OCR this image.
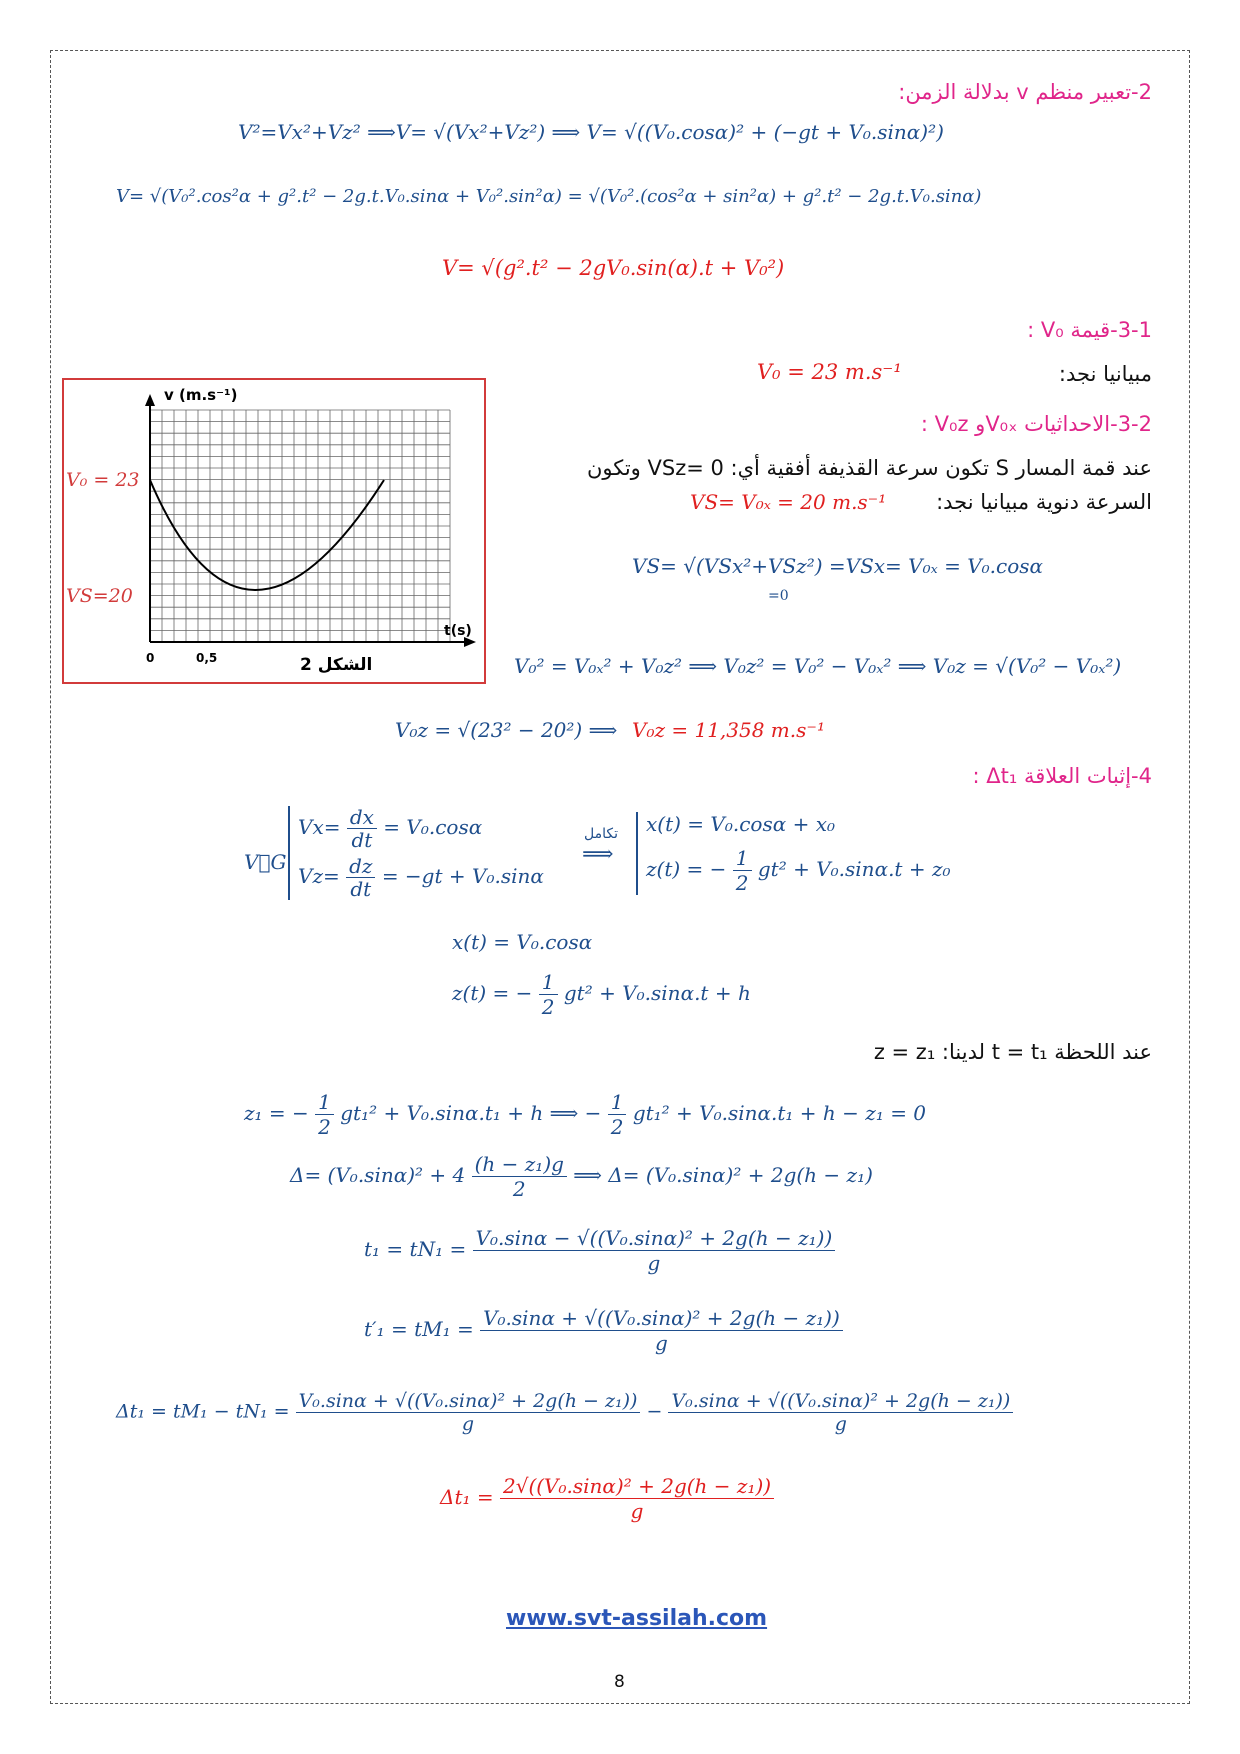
2-تعبير منظم v بدلالة الزمن:
V²=Vx²+Vz² ⟹V= √(Vx²+Vz²) ⟹ V= √((V₀.cosα)² + (−gt + V₀.sinα)²)
V= √(V₀².cos²α + g².t² − 2g.t.V₀.sinα + V₀².sin²α) = √(V₀².(cos²α + sin²α) + g².t² − 2g.t.V₀.sinα)
V= √(g².t² − 2gV₀.sin(α).t + V₀²)
3-1-قيمة V₀ :
مبيانيا نجد:
V₀ = 23 m.s⁻¹
v (m.s⁻¹)
t(s)
V₀ = 23
VS=20
0	0,5	الشكل 2
3-2-الاحداثيات V₀ₓو V₀z :
عند قمة المسار S تكون سرعة القذيفة أفقية أي: VSz= 0 وتكون
السرعة دنوية مبيانيا نجد:
VS= V₀ₓ = 20 m.s⁻¹
VS= √(VSx²+VSz²) =VSx= V₀ₓ = V₀.cosα
=0
V₀² = V₀ₓ² + V₀z² ⟹ V₀z² = V₀² − V₀ₓ² ⟹ V₀z = √(V₀² − V₀ₓ²)
V₀z = √(23² − 20²) ⟹ V₀z = 11,358 m.s⁻¹
4-إثبات العلاقة Δt₁ :
V⃗G
$Vx= \frac{dx}{dt} = V_0.\cos\alpha$
$Vz= \frac{dz}{dt} = -gt + V_0.\sin\alpha$
تكامل
⟹
x(t) = V₀.cosα + x₀
z(t) = − $\frac{1}{2} gt^2 + V_0.\sin\alpha.t + z_0$
x(t) = V₀.cosα
z(t) = − $\frac{1}{2} gt^2 + V_0.\sin\alpha.t + h$
عند اللحظة t = t₁ لدينا: z = z₁
z₁ = − $\frac{1}{2} gt_1^2 + V_0.\sin\alpha.t_1 + h$ ⟹ − $\frac{1}{2} gt_1^2 + V_0.\sin\alpha.t_1 + h - z_1 = 0$
$\Delta= (V_0.\sin\alpha)^2 + 4 \frac{\text{(h − z₁)g}}{2}$ ⟹ Δ= (V₀.sinα)² + 2g(h − z₁)
$t_1 = tN_1 = \frac{\text{V₀.sinα − √((V₀.sinα)² + 2g(h − z₁))}}{g}$
$t'_1 = tM_1 = \frac{\text{V₀.sinα + √((V₀.sinα)² + 2g(h − z₁))}}{g}$
$\Delta t_1 = tM_1 - tN_1 = \frac{\text{V₀.sinα + √((V₀.sinα)² + 2g(h − z₁))}}{g} - \frac{\text{V₀.sinα + √((V₀.sinα)² + 2g(h − z₁))}}{g}$
$\Delta t_1 = \frac{\text{2√((V₀.sinα)² + 2g(h − z₁))}}{g}$
www.svt-assilah.com
8
